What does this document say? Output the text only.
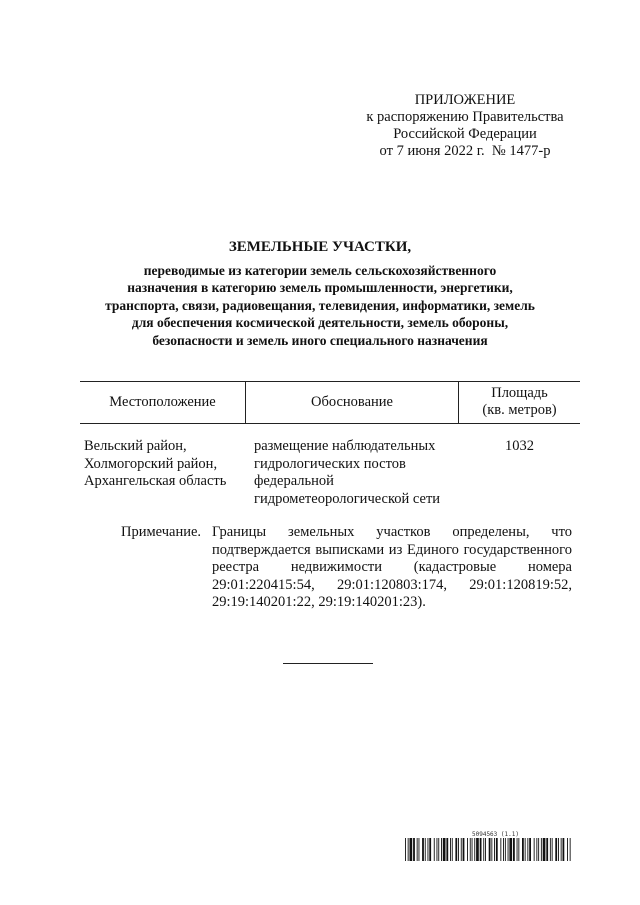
ПРИЛОЖЕНИЕ
к распоряжению Правительства
Российской Федерации
от 7 июня 2022 г.  № 1477-р
ЗЕМЕЛЬНЫЕ УЧАСТКИ,
переводимые из категории земель сельскохозяйственного
назначения в категорию земель промышленности, энергетики,
транспорта, связи, радиовещания, телевидения, информатики, земель
для обеспечения космической деятельности, земель обороны,
безопасности и земель иного специального назначения
Местоположение	Обоснование
Площадь
(кв. метров)
Вельский район,
Холмогорский район,
Архангельская область
размещение наблюдательных
гидрологических постов
федеральной
гидрометеорологической сети
1032
Примечание. Границы земельных участков определены, что подтверждается выписками из Единого государственного реестра недвижимости (кадастровые номера 29:01:220415:54, 29:01:120803:174, 29:01:120819:52, 29:19:140201:22, 29:19:140201:23).
5094563 (1.1)
